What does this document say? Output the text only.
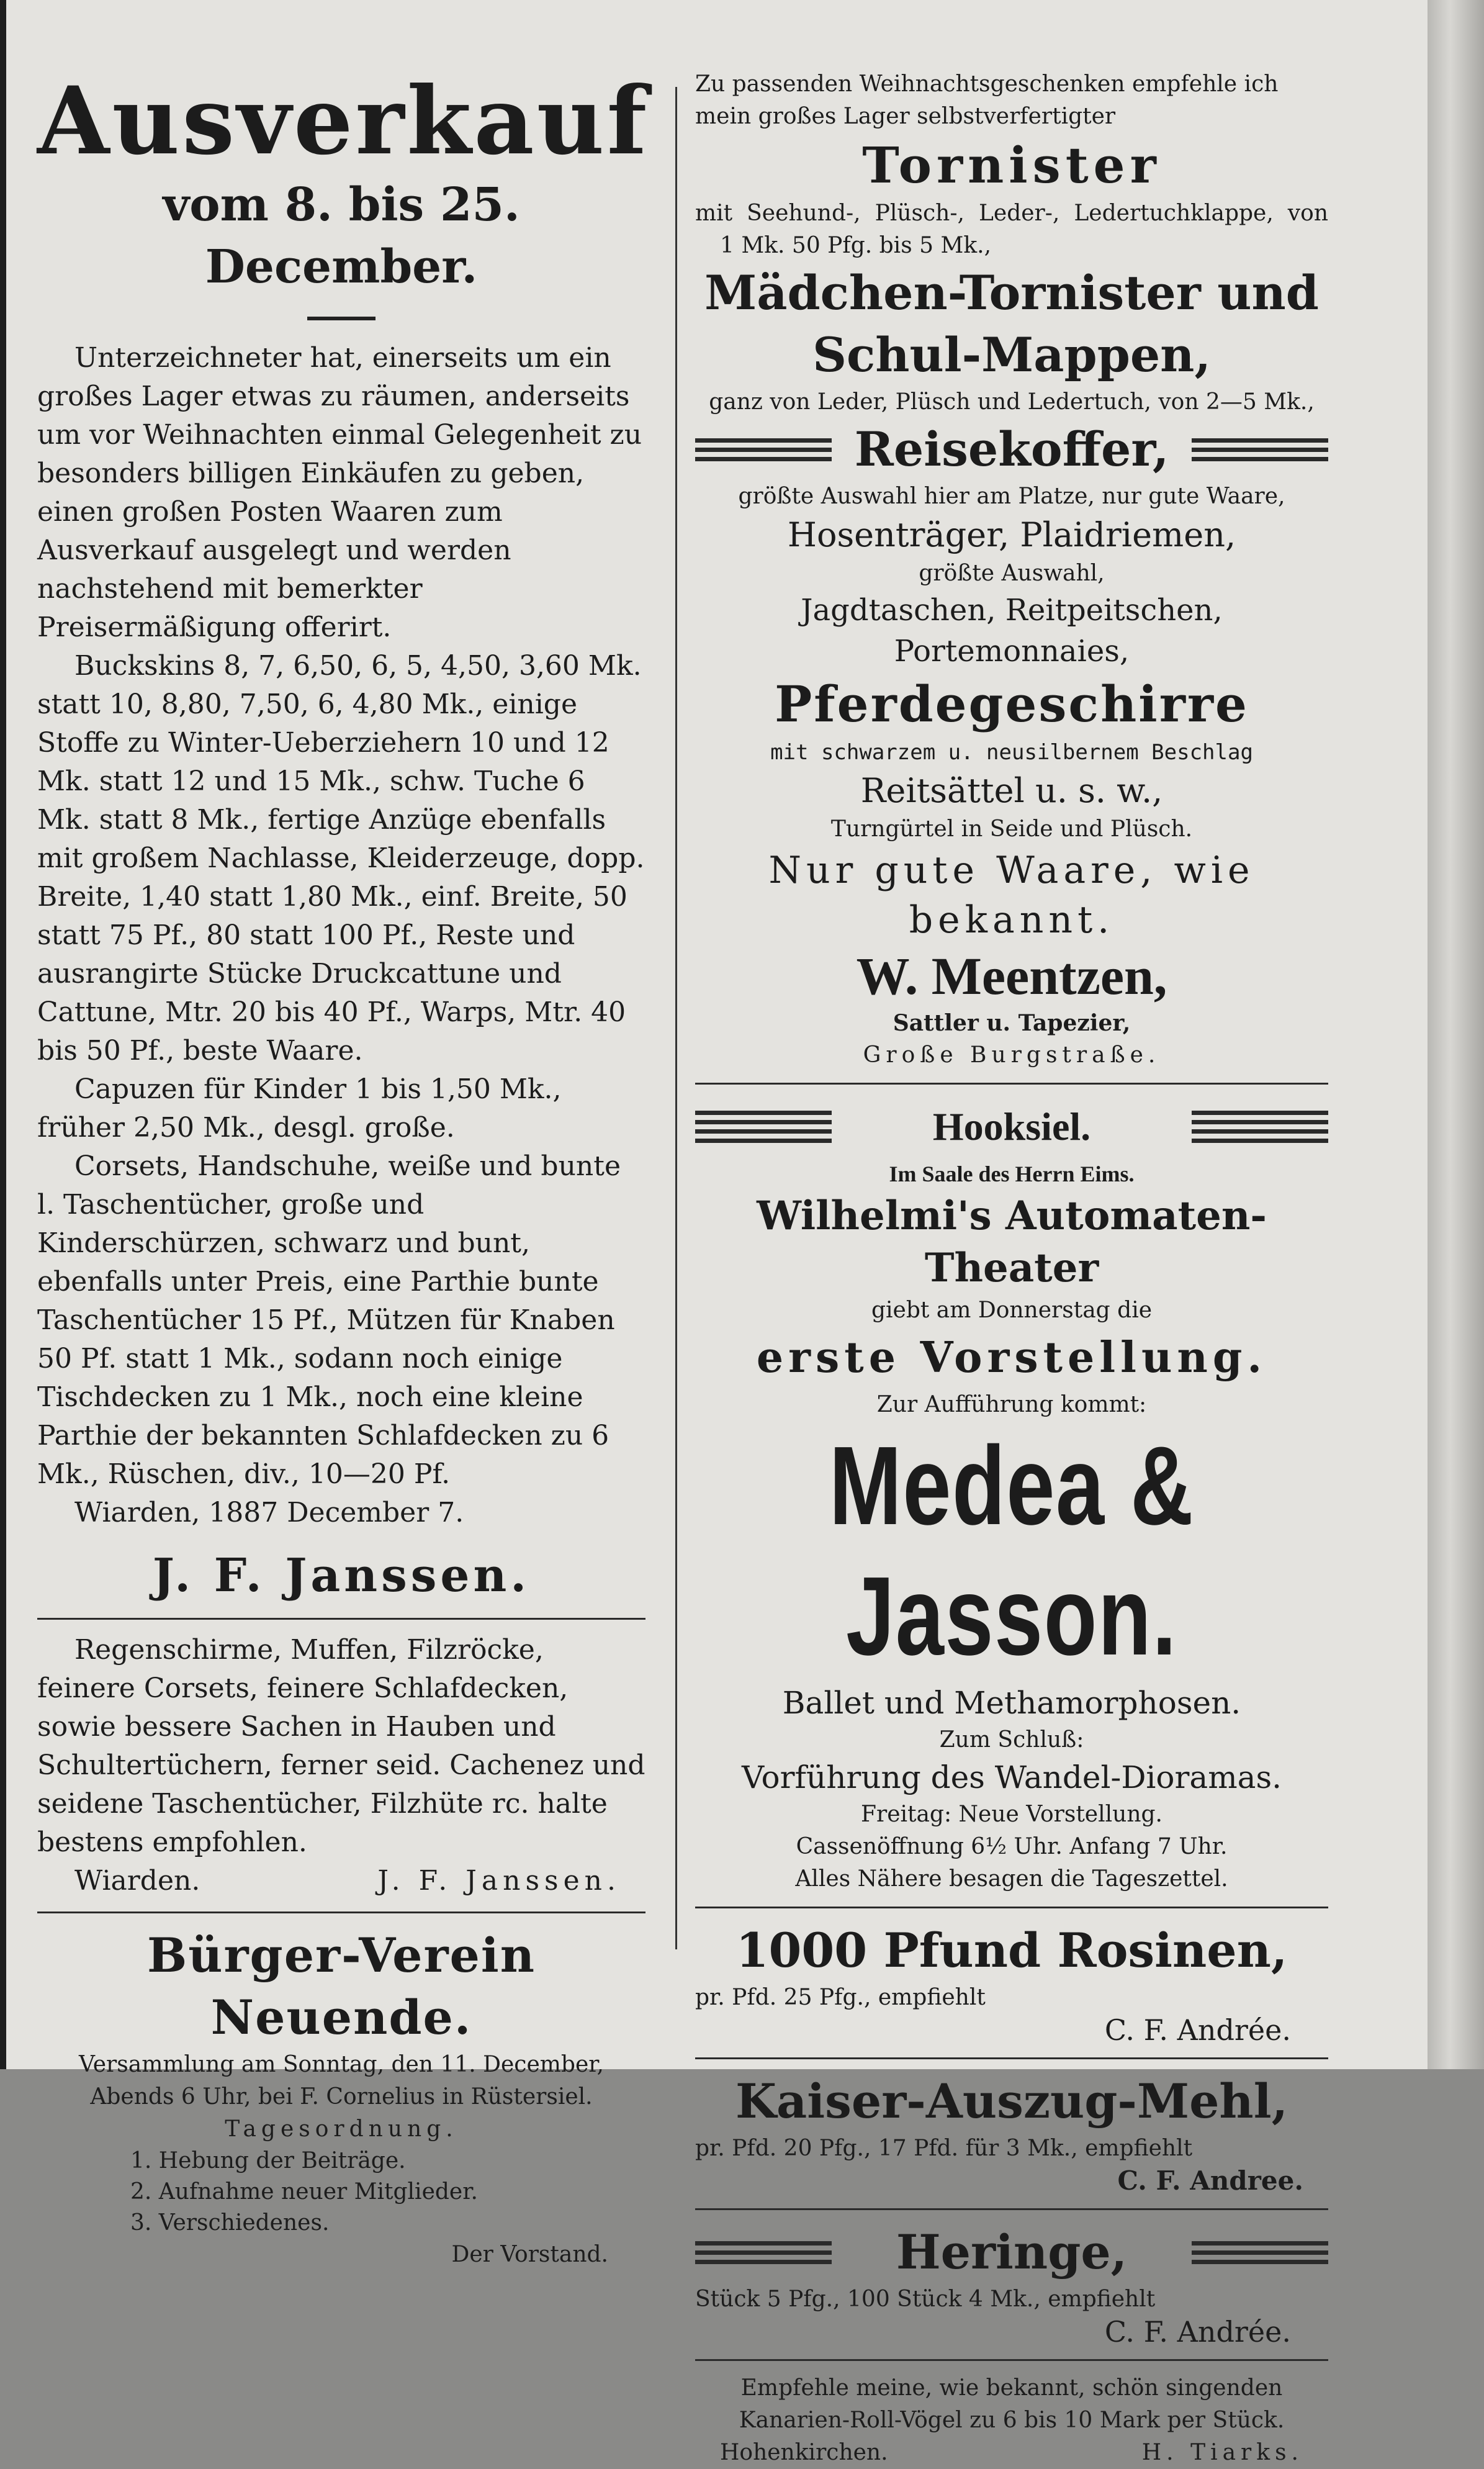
Ausverkauf
vom 8. bis 25. December.

Unterzeichneter hat, einerseits um ein großes Lager etwas zu räumen, anderseits um vor Weihnachten einmal Gelegenheit zu besonders billigen Einkäufen zu geben, einen großen Posten Waaren zum Ausverkauf ausgelegt und werden nachstehend mit bemerkter Preisermäßigung offerirt.

Buckskins 8, 7, 6,50, 6, 5, 4,50, 3,60 Mk. statt 10, 8,80, 7,50, 6, 4,80 Mk., einige Stoffe zu Winter-Ueberziehern 10 und 12 Mk. statt 12 und 15 Mk., schw. Tuche 6 Mk. statt 8 Mk., fertige Anzüge ebenfalls mit großem Nachlasse, Kleiderzeuge, dopp. Breite, 1,40 statt 1,80 Mk., einf. Breite, 50 statt 75 Pf., 80 statt 100 Pf., Reste und ausrangirte Stücke Druckcattune und Cattune, Mtr. 20 bis 40 Pf., Warps, Mtr. 40 bis 50 Pf., beste Waare.

Capuzen für Kinder 1 bis 1,50 Mk., früher 2,50 Mk., desgl. große.

Corsets, Handschuhe, weiße und bunte l. Taschentücher, große und Kinderschürzen, schwarz und bunt, ebenfalls unter Preis, eine Parthie bunte Taschentücher 15 Pf., Mützen für Knaben 50 Pf. statt 1 Mk., sodann noch einige Tischdecken zu 1 Mk., noch eine kleine Parthie der bekannten Schlafdecken zu 6 Mk., Rüschen, div., 10—20 Pf.

Wiarden, 1887 December 7.

J. F. Janssen.

Regenschirme, Muffen, Filzröcke, feinere Corsets, feinere Schlafdecken, sowie bessere Sachen in Hauben und Schultertüchern, ferner seid. Cachenez und seidene Taschentücher, Filzhüte rc. halte bestens empfohlen.

Wiarden.	J. F. Janssen.
Bürger-Verein Neuende.
Versammlung am Sonntag, den 11. December,
Abends 6 Uhr, bei F. Cornelius in Rüstersiel.
Tagesordnung.
1. Hebung der Beiträge.
2. Aufnahme neuer Mitglieder.
3. Verschiedenes.
Der Vorstand.

Zu passenden Weihnachtsgeschenken empfehle ich mein großes Lager selbstverfertigter

Tornister
mit Seehund-, Plüsch-, Leder-, Ledertuchklappe, von
1 Mk. 50 Pfg. bis 5 Mk.,
Mädchen-Tornister und
Schul-Mappen,
ganz von Leder, Plüsch und Ledertuch, von 2—5 Mk.,
Reisekoffer,
größte Auswahl hier am Platze, nur gute Waare,
Hosenträger, Plaidriemen,
größte Auswahl,
Jagdtaschen, Reitpeitschen, Portemonnaies,
Pferdegeschirre
mit schwarzem u. neusilbernem Beschlag
Reitsättel u. s. w.,
Turngürtel in Seide und Plüsch.
Nur gute Waare, wie bekannt.
W. Meentzen,
Sattler u. Tapezier,
Große Burgstraße.
Hooksiel.
Im Saale des Herrn Eims.
Wilhelmi's Automaten-Theater
giebt am Donnerstag die
erste Vorstellung.
Zur Aufführung kommt:
Medea & Jasson.
Ballet und Methamorphosen.
Zum Schluß:
Vorführung des Wandel-Dioramas.
Freitag: Neue Vorstellung.
Cassenöffnung 6½ Uhr. Anfang 7 Uhr.
Alles Nähere besagen die Tageszettel.
1000 Pfund Rosinen,
pr. Pfd. 25 Pfg., empfiehlt
C. F. Andrée.
Kaiser-Auszug-Mehl,
pr. Pfd. 20 Pfg., 17 Pfd. für 3 Mk., empfiehlt
C. F. Andree.
Heringe,
Stück 5 Pfg., 100 Stück 4 Mk., empfiehlt
C. F. Andrée.
Empfehle meine, wie bekannt, schön singenden
Kanarien-Roll-Vögel zu 6 bis 10 Mark per Stück.
Hohenkirchen.	H. Tiarks.
